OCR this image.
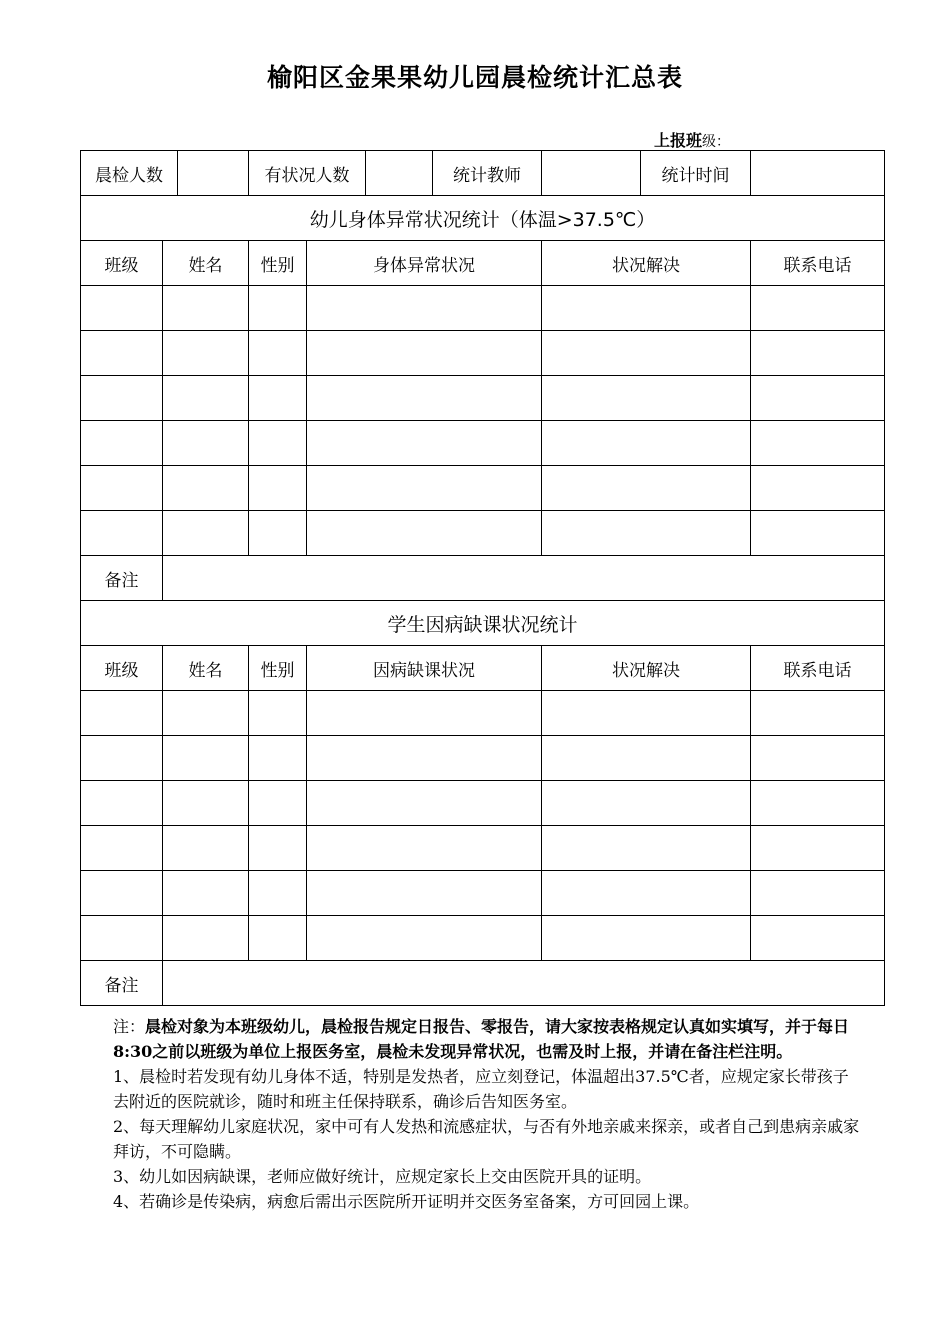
榆阳区金果果幼儿园晨检统计汇总表
上报班级：
晨检人数			有状况人数			统计教师		统计时间	
幼儿身体异常状况统计（体温>37.5℃）									
班级	姓名		性别	身体异常状况			状况解决		联系电话

备注									
学生因病缺课状况统计									
班级	姓名		性别	因病缺课状况			状况解决		联系电话

备注									

注：晨检对象为本班级幼儿，晨检报告规定日报告、零报告，请大家按表格规定认真如实填写，并于每日8:30之前以班级为单位上报医务室，晨检未发现异常状况，也需及时上报，并请在备注栏注明。

1、晨检时若发现有幼儿身体不适，特别是发热者，应立刻登记，体温超出37.5℃者，应规定家长带孩子去附近的医院就诊，随时和班主任保持联系，确诊后告知医务室。

2、每天理解幼儿家庭状况，家中可有人发热和流感症状，与否有外地亲戚来探亲，或者自己到患病亲戚家拜访，不可隐瞒。

3、幼儿如因病缺课，老师应做好统计，应规定家长上交由医院开具的证明。

4、若确诊是传染病，病愈后需出示医院所开证明并交医务室备案，方可回园上课。
